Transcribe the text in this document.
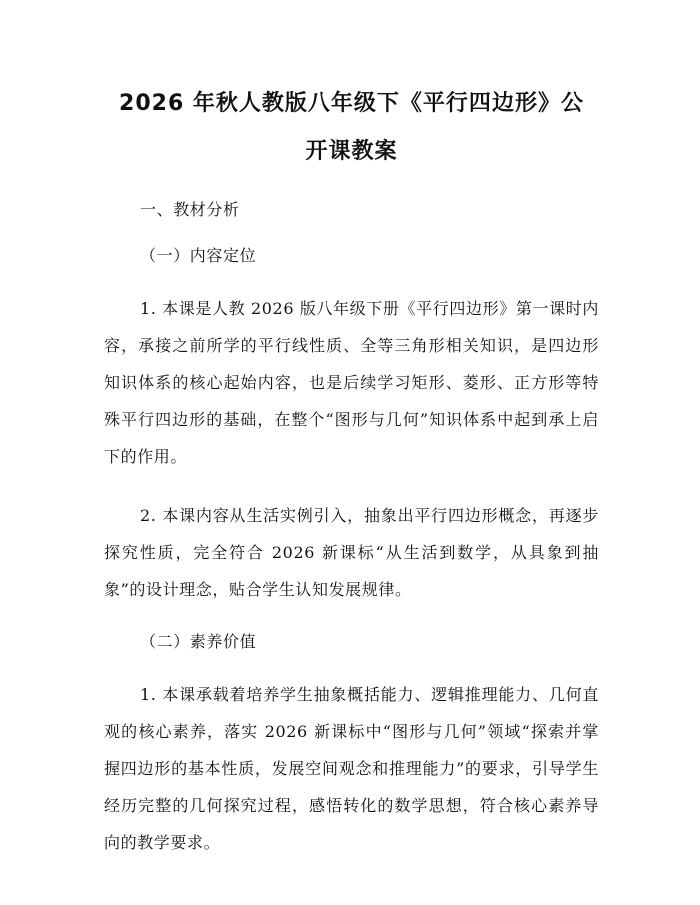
2026 年秋人教版八年级下《平行四边形》公
开课教案

一、教材分析

（一）内容定位

1. 本课是人教 2026 版八年级下册《平行四边形》第一课时内容，承接之前所学的平行线性质、全等三角形相关知识，是四边形知识体系的核心起始内容，也是后续学习矩形、菱形、正方形等特殊平行四边形的基础，在整个“图形与几何”知识体系中起到承上启下的作用。

2. 本课内容从生活实例引入，抽象出平行四边形概念，再逐步探究性质，完全符合 2026 新课标“从生活到数学，从具象到抽象”的设计理念，贴合学生认知发展规律。

（二）素养价值

1. 本课承载着培养学生抽象概括能力、逻辑推理能力、几何直观的核心素养，落实 2026 新课标中“图形与几何”领域“探索并掌握四边形的基本性质，发展空间观念和推理能力”的要求，引导学生经历完整的几何探究过程，感悟转化的数学思想，符合核心素养导向的教学要求。
